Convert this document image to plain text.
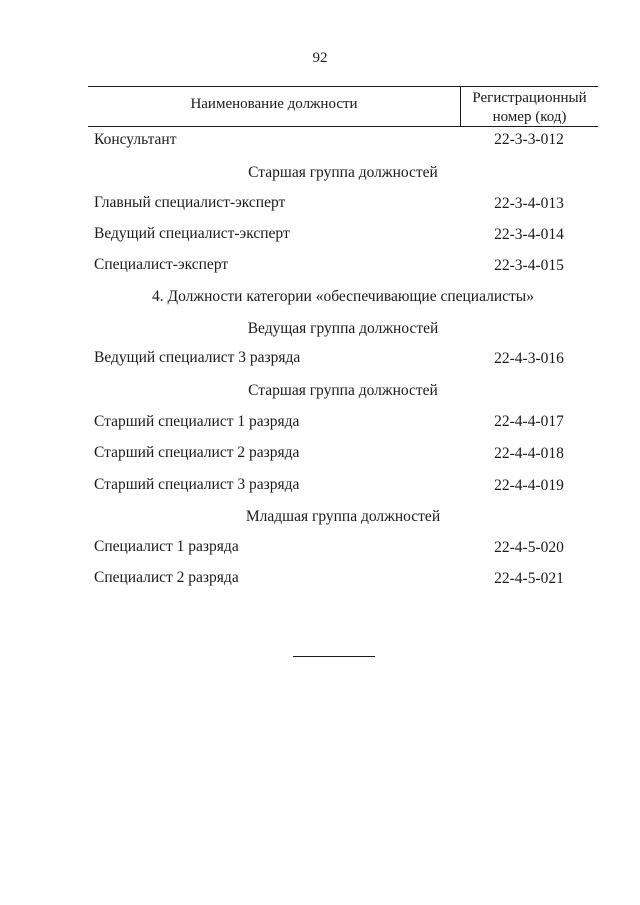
92
Наименование должности	Регистрационный
номер (код)
Консультант	22-3-3-012
Старшая группа должностей
Главный специалист-эксперт	22-3-4-013
Ведущий специалист-эксперт	22-3-4-014
Специалист-эксперт	22-3-4-015
4. Должности категории «обеспечивающие специалисты»
Ведущая группа должностей
Ведущий специалист 3 разряда	22-4-3-016
Старшая группа должностей
Старший специалист 1 разряда	22-4-4-017
Старший специалист 2 разряда	22-4-4-018
Старший специалист 3 разряда	22-4-4-019
Младшая группа должностей
Специалист 1 разряда	22-4-5-020
Специалист 2 разряда	22-4-5-021
